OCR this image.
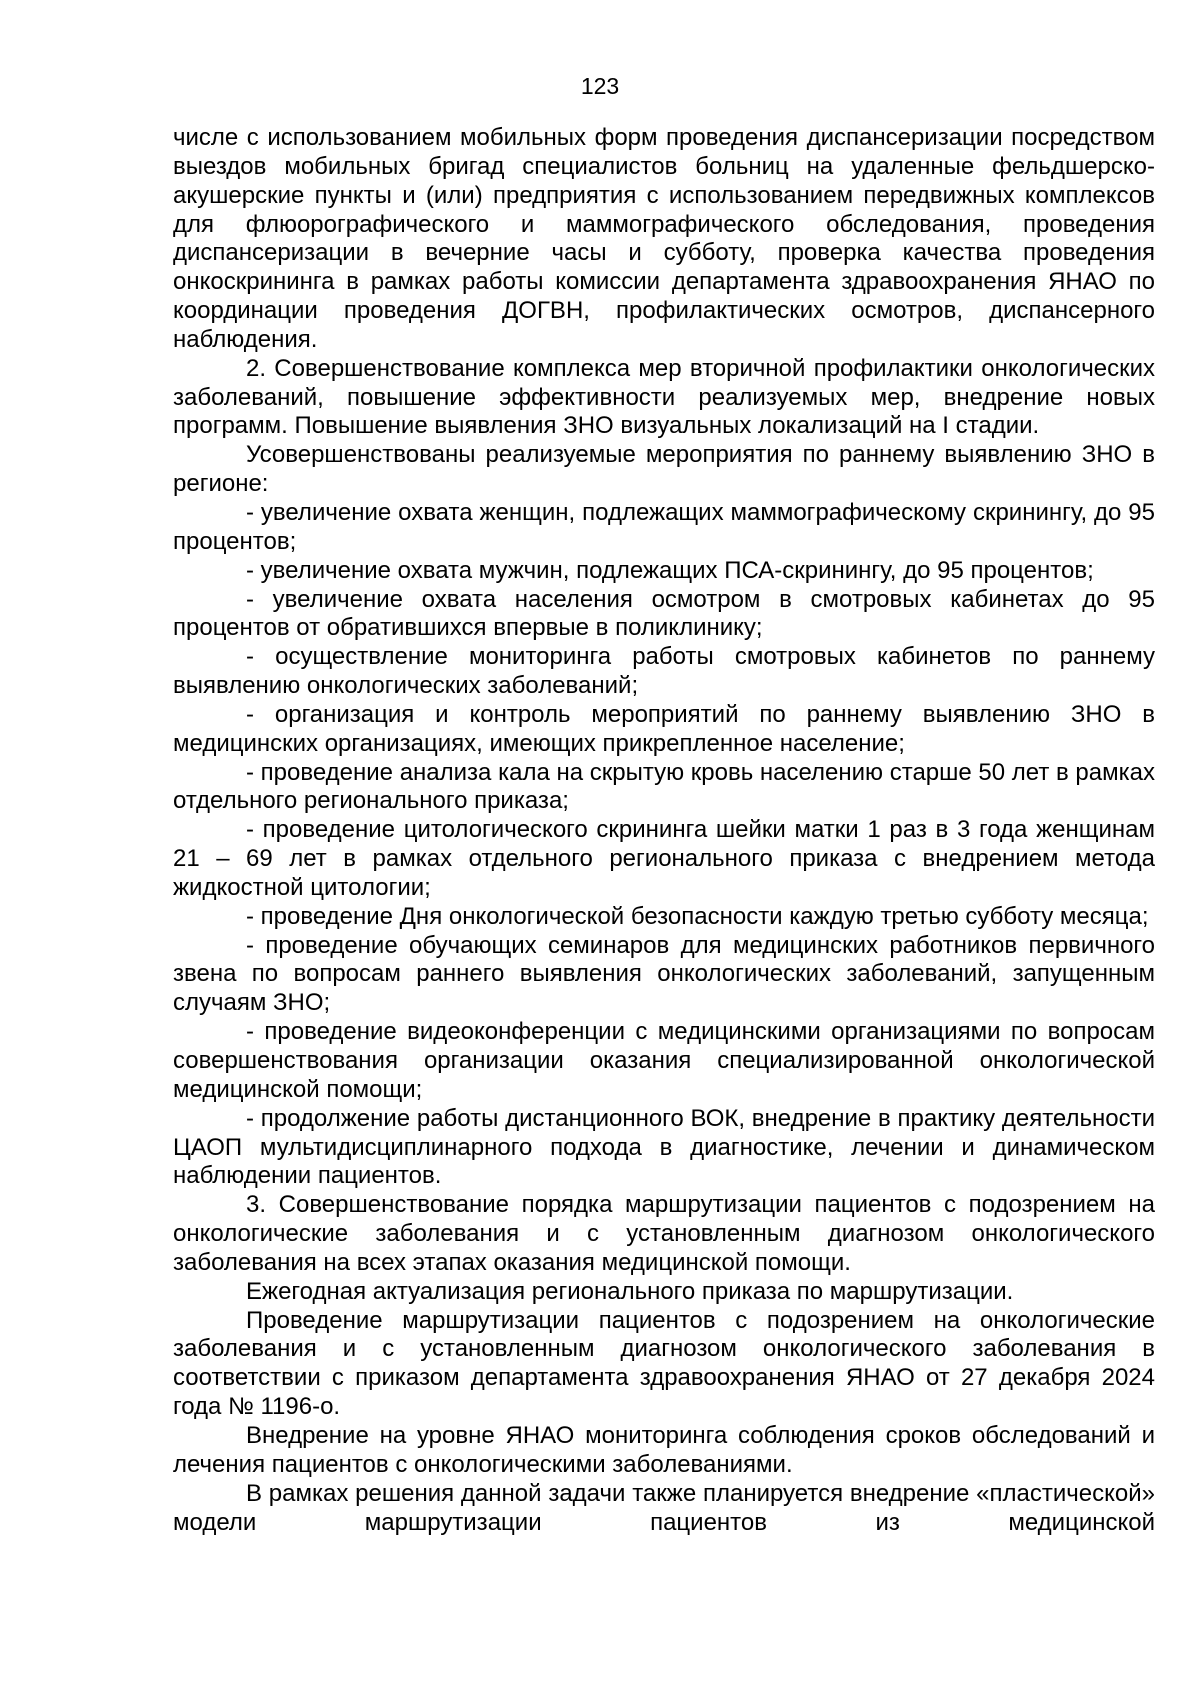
123

числе с использованием мобильных форм проведения диспансеризации посредством выездов мобильных бригад специалистов больниц на удаленные фельдшерско-акушерские пункты и (или) предприятия с использованием передвижных комплексов для флюорографического и маммографического обследования, проведения диспансеризации в вечерние часы и субботу, проверка качества проведения онкоскрининга в рамках работы комиссии департамента здравоохранения ЯНАО по координации проведения ДОГВН, профилактических осмотров, диспансерного наблюдения.

2. Совершенствование комплекса мер вторичной профилактики онкологических заболеваний, повышение эффективности реализуемых мер, внедрение новых программ. Повышение выявления ЗНО визуальных локализаций на I стадии.

Усовершенствованы реализуемые мероприятия по раннему выявлению ЗНО в регионе:

- увеличение охвата женщин, подлежащих маммографическому скринингу, до 95 процентов;

- увеличение охвата мужчин, подлежащих ПСА-скринингу, до 95 процентов;

- увеличение охвата населения осмотром в смотровых кабинетах до 95 процентов от обратившихся впервые в поликлинику;

- осуществление мониторинга работы смотровых кабинетов по раннему выявлению онкологических заболеваний;

- организация и контроль мероприятий по раннему выявлению ЗНО в медицинских организациях, имеющих прикрепленное население;

- проведение анализа кала на скрытую кровь населению старше 50 лет в рамках отдельного регионального приказа;

- проведение цитологического скрининга шейки матки 1 раз в 3 года женщинам 21 – 69 лет в рамках отдельного регионального приказа с внедрением метода жидкостной цитологии;

- проведение Дня онкологической безопасности каждую третью субботу месяца;

- проведение обучающих семинаров для медицинских работников первичного звена по вопросам раннего выявления онкологических заболеваний, запущенным случаям ЗНО;

- проведение видеоконференции с медицинскими организациями по вопросам совершенствования организации оказания специализированной онкологической медицинской помощи;

- продолжение работы дистанционного ВОК, внедрение в практику деятельности ЦАОП мультидисциплинарного подхода в диагностике, лечении и динамическом наблюдении пациентов.

3. Совершенствование порядка маршрутизации пациентов с подозрением на онкологические заболевания и с установленным диагнозом онкологического заболевания на всех этапах оказания медицинской помощи.

Ежегодная актуализация регионального приказа по маршрутизации.

Проведение маршрутизации пациентов с подозрением на онкологические заболевания и с установленным диагнозом онкологического заболевания в соответствии с приказом департамента здравоохранения ЯНАО от 27 декабря 2024 года № 1196-о.

Внедрение на уровне ЯНАО мониторинга соблюдения сроков обследований и лечения пациентов с онкологическими заболеваниями.

В рамках решения данной задачи также планируется внедрение «пластической» модели маршрутизации пациентов из медицинской
